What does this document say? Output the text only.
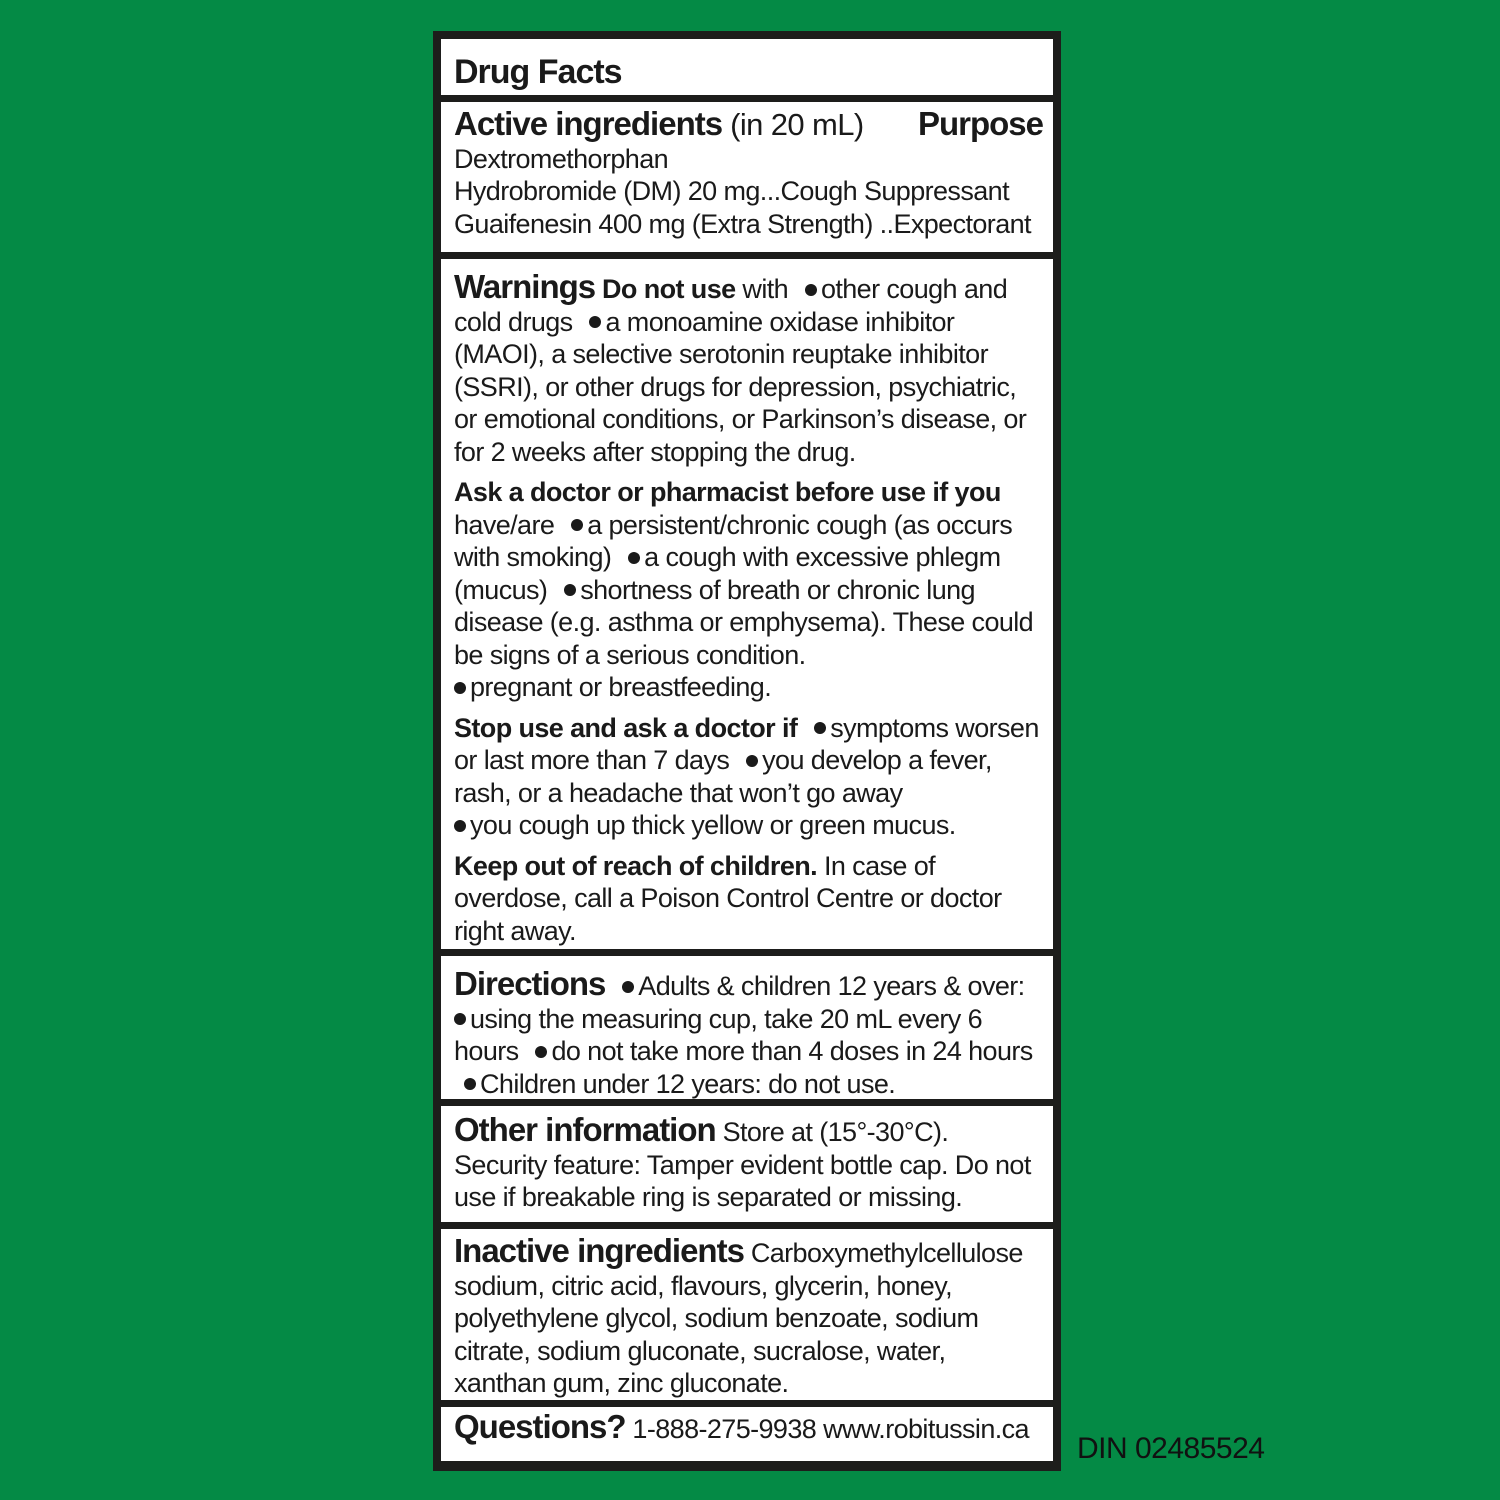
Drug Facts
Active ingredients (in 20 mL) Purpose
Dextromethorphan
Hydrobromide (DM) 20 mg...Cough Suppressant
Guaifenesin 400 mg (Extra Strength) ..Expectorant
Warnings Do not use with other cough and cold drugs a monoamine oxidase inhibitor (MAOI), a selective serotonin reuptake inhibitor (SSRI), or other drugs for depression, psychiatric, or emotional conditions, or Parkinson’s disease, or for 2 weeks after stopping the drug.
Ask a doctor or pharmacist before use if you have/are a persistent/chronic cough (as occurs with smoking) a cough with excessive phlegm (mucus) shortness of breath or chronic lung disease (e.g. asthma or emphysema). These could be signs of a serious condition.
pregnant or breastfeeding.
Stop use and ask a doctor if symptoms worsen or last more than 7 days you develop a fever, rash, or a headache that won’t go away
you cough up thick yellow or green mucus.
Keep out of reach of children. In case of overdose, call a Poison Control Centre or doctor right away.
Directions Adults & children 12 years & over:
using the measuring cup, take 20 mL every 6 hours do not take more than 4 doses in 24 hours Children under 12 years: do not use.
Other information Store at (15°-30°C). Security feature: Tamper evident bottle cap. Do not use if breakable ring is separated or missing.
Inactive ingredients Carboxymethylcellulose sodium, citric acid, flavours, glycerin, honey, polyethylene glycol, sodium benzoate, sodium citrate, sodium gluconate, sucralose, water, xanthan gum, zinc gluconate.
Questions? 1-888-275-9938 www.robitussin.ca
DIN 02485524
